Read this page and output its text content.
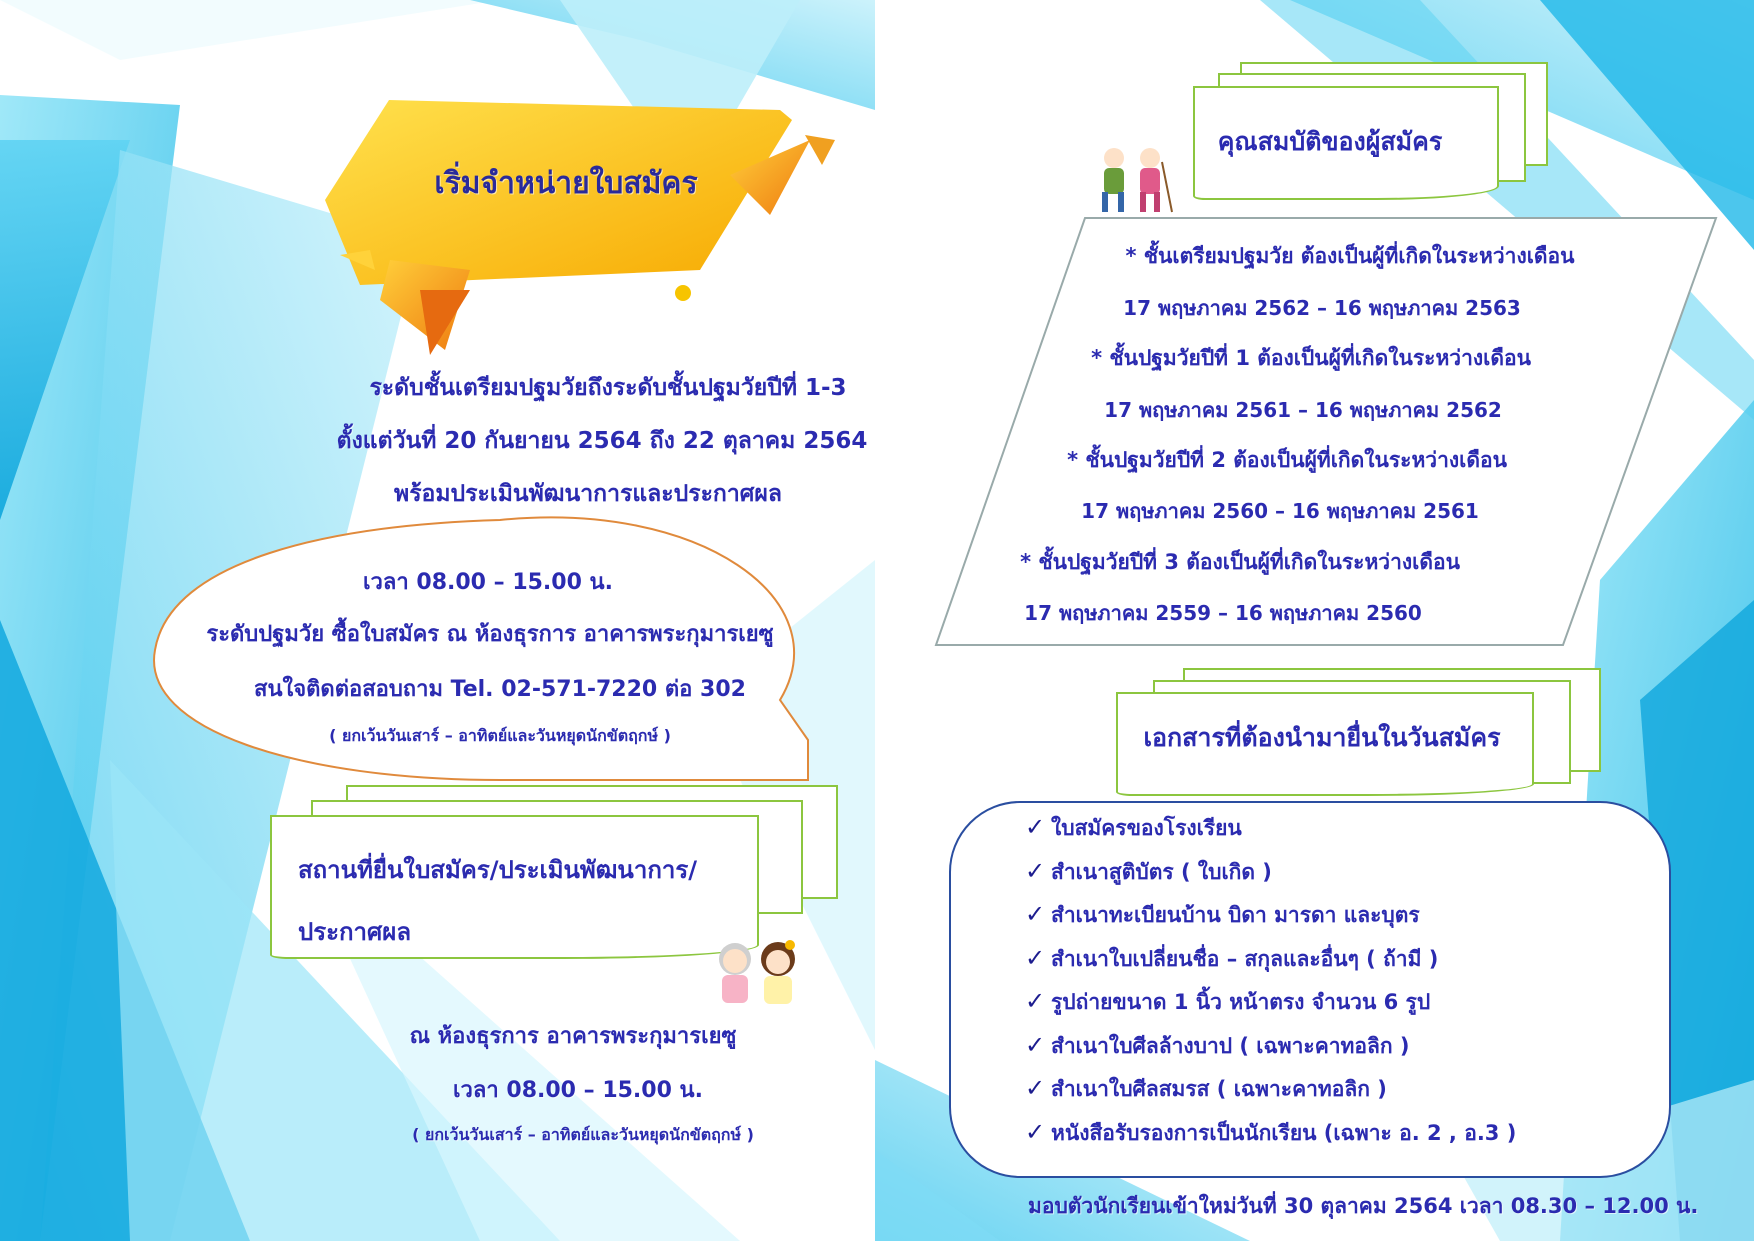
เริ่มจำหน่ายใบสมัคร
ระดับชั้นเตรียมปฐมวัยถึงระดับชั้นปฐมวัยปีที่ 1-3
ตั้งแต่วันที่ 20 กันยายน 2564 ถึง 22 ตุลาคม 2564
พร้อมประเมินพัฒนาการและประกาศผล
เวลา 08.00 – 15.00 น.
ระดับปฐมวัย ซื้อใบสมัคร ณ ห้องธุรการ อาคารพระกุมารเยซู
สนใจติดต่อสอบถาม Tel. 02-571-7220 ต่อ 302
( ยกเว้นวันเสาร์ – อาทิตย์และวันหยุดนักขัตฤกษ์ )
สถานที่ยื่นใบสมัคร/ประเมินพัฒนาการ/
ประกาศผล
ณ ห้องธุรการ อาคารพระกุมารเยซู
เวลา 08.00 – 15.00 น.
( ยกเว้นวันเสาร์ – อาทิตย์และวันหยุดนักขัตฤกษ์ )
คุณสมบัติของผู้สมัคร
* ชั้นเตรียมปฐมวัย ต้องเป็นผู้ที่เกิดในระหว่างเดือน
17 พฤษภาคม 2562 – 16 พฤษภาคม 2563
* ชั้นปฐมวัยปีที่ 1 ต้องเป็นผู้ที่เกิดในระหว่างเดือน
17 พฤษภาคม 2561 – 16 พฤษภาคม 2562
* ชั้นปฐมวัยปีที่ 2 ต้องเป็นผู้ที่เกิดในระหว่างเดือน
17 พฤษภาคม 2560 – 16 พฤษภาคม 2561
* ชั้นปฐมวัยปีที่ 3 ต้องเป็นผู้ที่เกิดในระหว่างเดือน
17 พฤษภาคม 2559 – 16 พฤษภาคม 2560
เอกสารที่ต้องนำมายื่นในวันสมัคร
✓ ใบสมัครของโรงเรียน
✓ สำเนาสูติบัตร ( ใบเกิด )
✓ สำเนาทะเบียนบ้าน บิดา มารดา และบุตร
✓ สำเนาใบเปลี่ยนชื่อ – สกุลและอื่นๆ ( ถ้ามี )
✓ รูปถ่ายขนาด 1 นิ้ว หน้าตรง จำนวน 6 รูป
✓ สำเนาใบศีลล้างบาป ( เฉพาะคาทอลิก )
✓ สำเนาใบศีลสมรส ( เฉพาะคาทอลิก )
✓ หนังสือรับรองการเป็นนักเรียน (เฉพาะ อ. 2 , อ.3 )
มอบตัวนักเรียนเข้าใหม่วันที่ 30 ตุลาคม 2564 เวลา 08.30 – 12.00 น.
